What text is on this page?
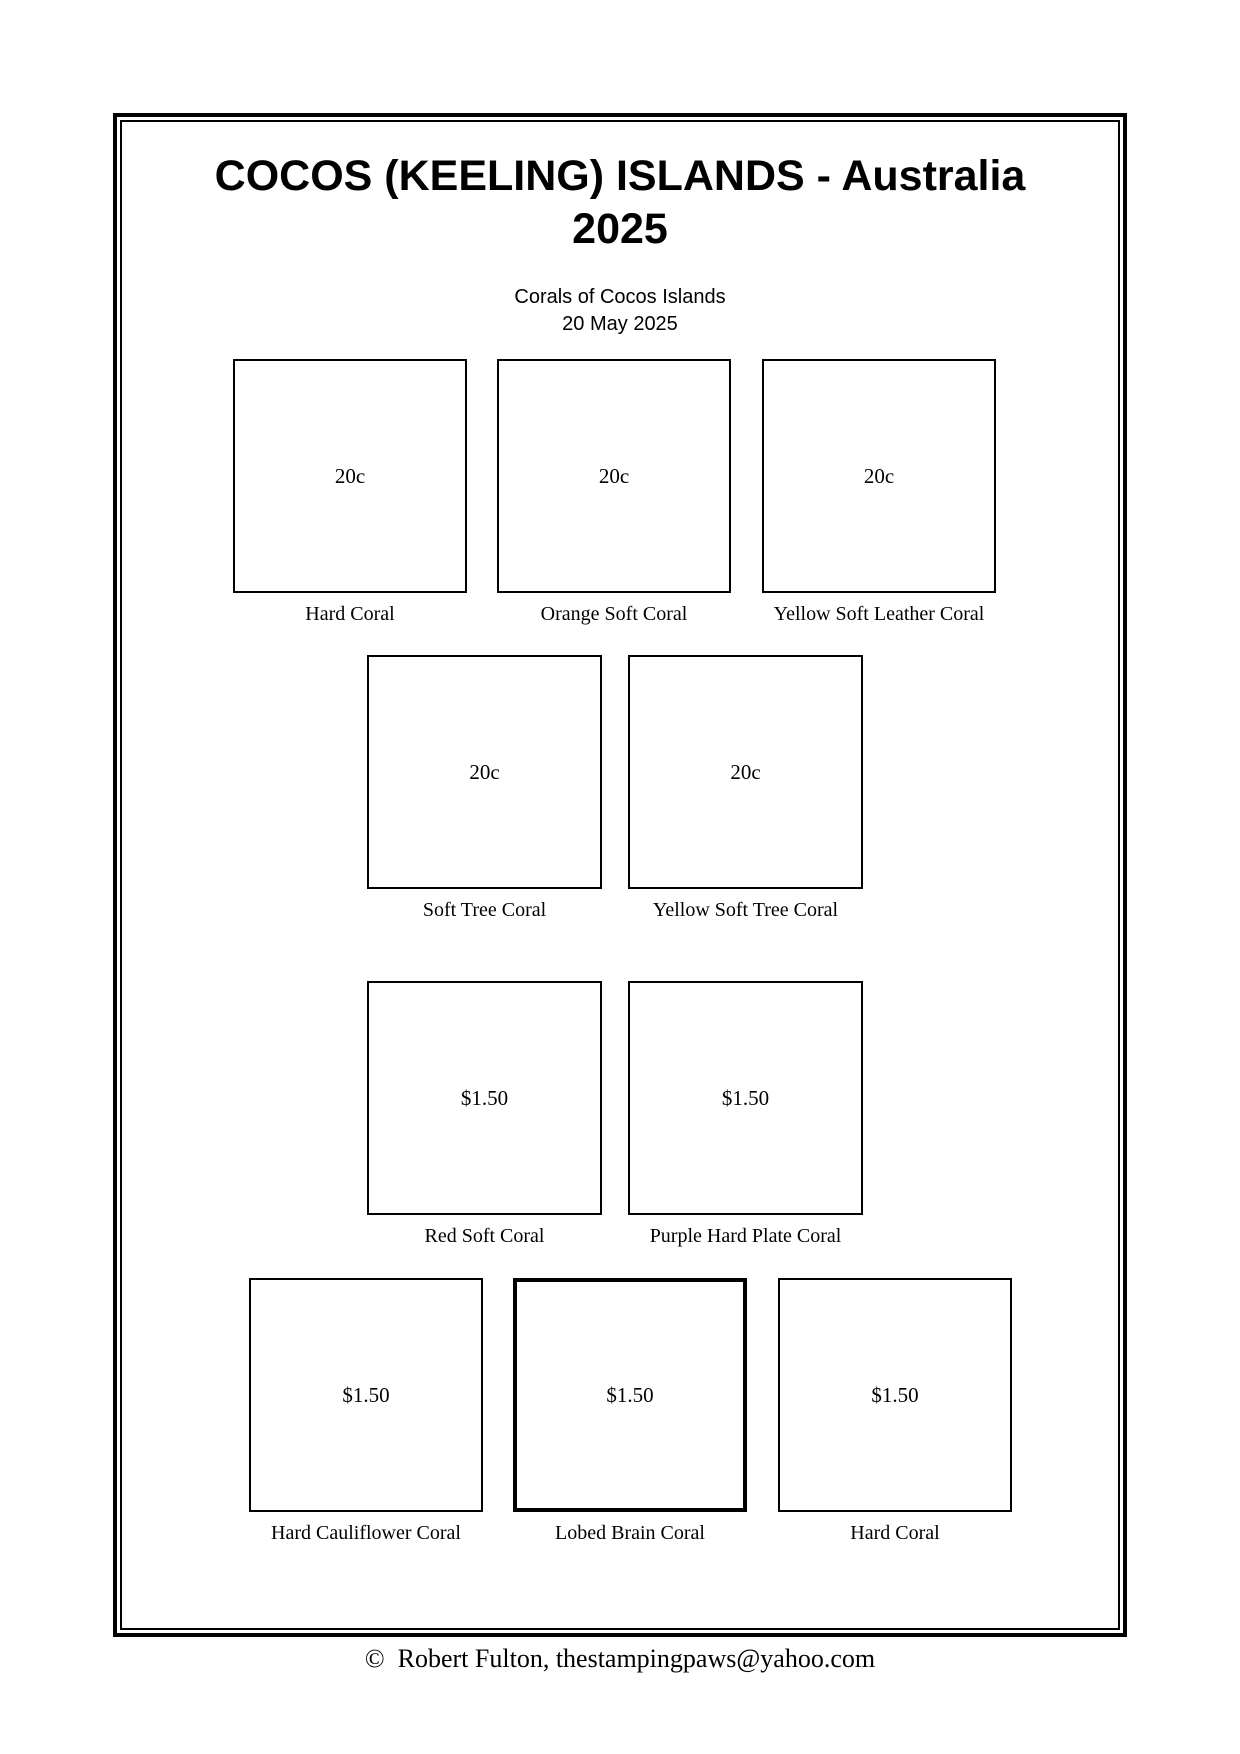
COCOS (KEELING) ISLANDS - Australia
2025
Corals of Cocos Islands
20 May 2025
20c	20c	20c
Hard Coral	Orange Soft Coral	Yellow Soft Leather Coral
20c	20c
Soft Tree Coral	Yellow Soft Tree Coral
$1.50	$1.50
Red Soft Coral	Purple Hard Plate Coral
$1.50	$1.50	$1.50
Hard Cauliflower Coral	Lobed Brain Coral	Hard Coral
©  Robert Fulton, thestampingpaws@yahoo.com
